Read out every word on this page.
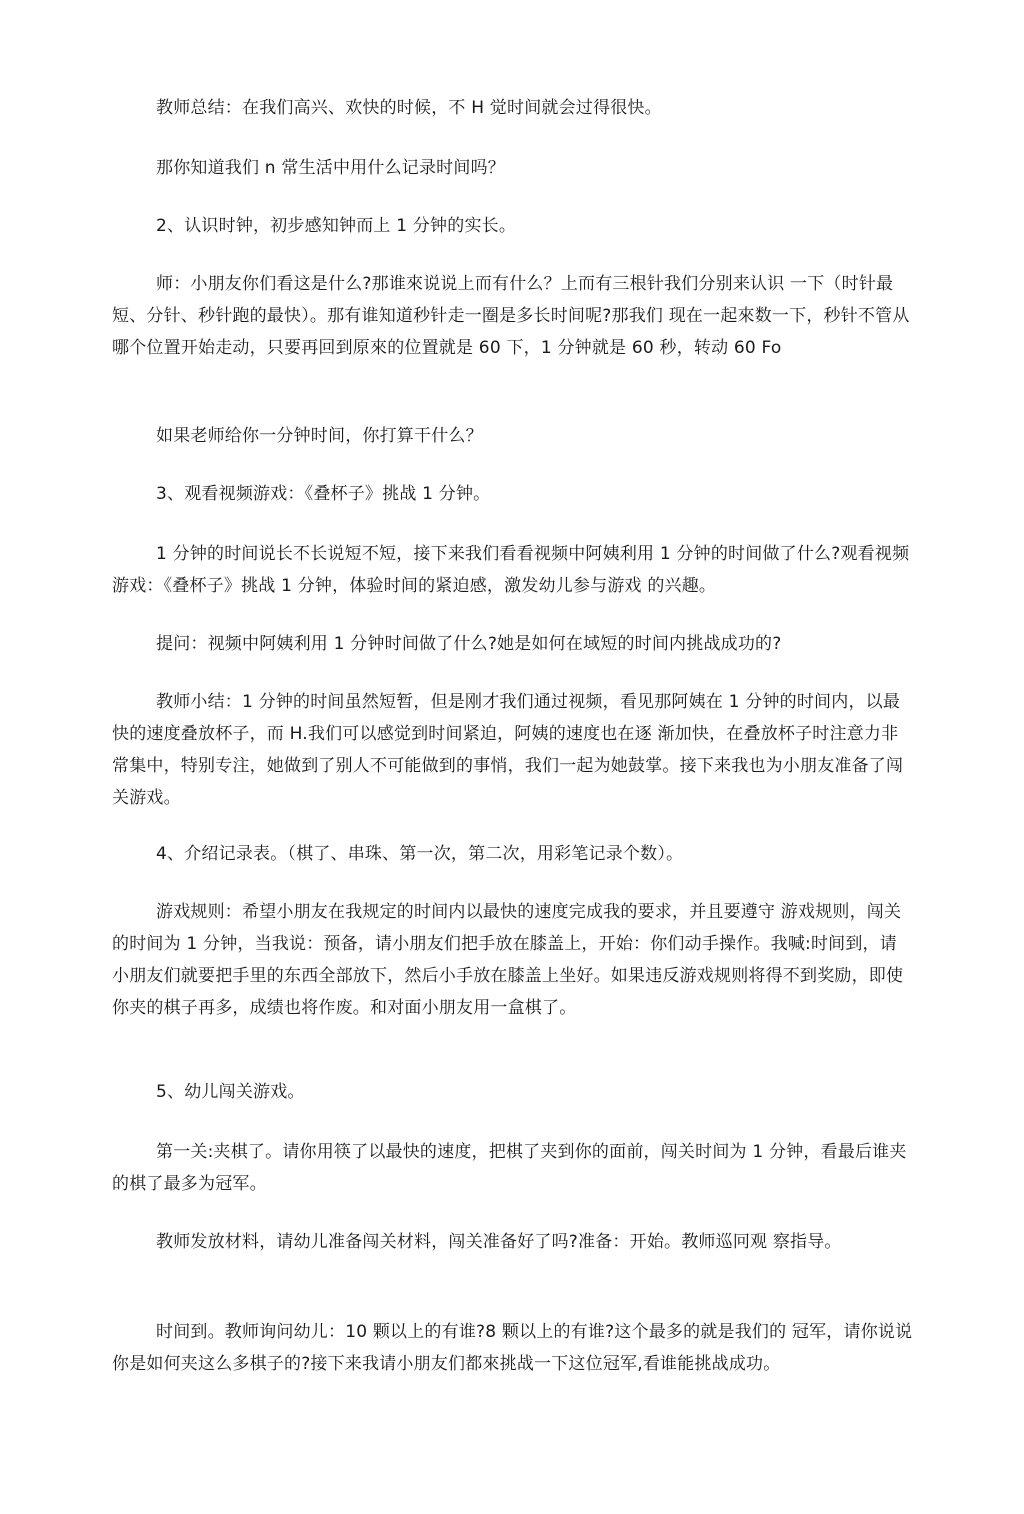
教师总结：在我们高兴、欢快的时候，不 H 觉时间就会过得很快。

那你知道我们 n 常生活中用什么记录时间吗？

2、认识时钟，初步感知钟而上 1 分钟的实长。

师：小朋友你们看这是什么?那谁來说说上而有什么？上而有三根针我们分别来认识 一下（时针最短、分针、秒针跑的最快）。那有谁知道秒针走一圈是多长时间呢?那我们 现在一起來数一下，秒针不管从哪个位置开始走动，只要再回到原來的位置就是 60 下，1 分钟就是 60 秒，转动 60 Fo

如果老师给你一分钟时间，你打算干什么？

3、观看视频游戏：《叠杯子》挑战 1 分钟。

1 分钟的时间说长不长说短不短，接下来我们看看视频中阿姨利用 1 分钟的时间做了什么?观看视频游戏：《叠杯子》挑战 1 分钟，体验时间的紧迫感，激发幼儿参与游戏 的兴趣。

提问：视频中阿姨利用 1 分钟时间做了什么?她是如何在域短的时间内挑战成功的?

教师小结：1 分钟的时间虽然短暂，但是刚才我们通过视频，看见那阿姨在 1 分钟的时间内，以最快的速度叠放杯子，而 H.我们可以感觉到时间紧迫，阿姨的速度也在逐 渐加快，在叠放杯子时注意力非常集中，特别专注，她做到了别人不可能做到的事悄，我们一起为她鼓掌。接下来我也为小朋友准备了闯关游戏。

4、介绍记录表。（棋了、串珠、第一次，第二次，用彩笔记录个数）。

游戏规则：希望小朋友在我规定的时间内以最快的速度完成我的要求，并且要遵守 游戏规则，闯关的时间为 1 分钟，当我说：预备，请小朋友们把手放在膝盖上，开始：你们动手操作。我喊:时间到，请小朋友们就要把手里的东西全部放下，然后小手放在膝盖上坐好。如果违反游戏规则将得不到奖励，即使你夹的棋子再多，成绩也将作废。和对面小朋友用一盒棋了。

5、幼儿闯关游戏。

第一关:夹棋了。请你用筷了以最快的速度，把棋了夹到你的面前，闯关时间为 1 分钟，看最后谁夹的棋了最多为冠军。

教师发放材料，请幼儿准备闯关材料，闯关准备好了吗?准备：开始。教师巡冋观 察指导。

时间到。教师询问幼儿：10 颗以上的有谁?8 颗以上的有谁?这个最多的就是我们的 冠军，请你说说你是如何夹这么多棋子的?接下来我请小朋友们都來挑战一下这位冠军,看谁能挑战成功。
